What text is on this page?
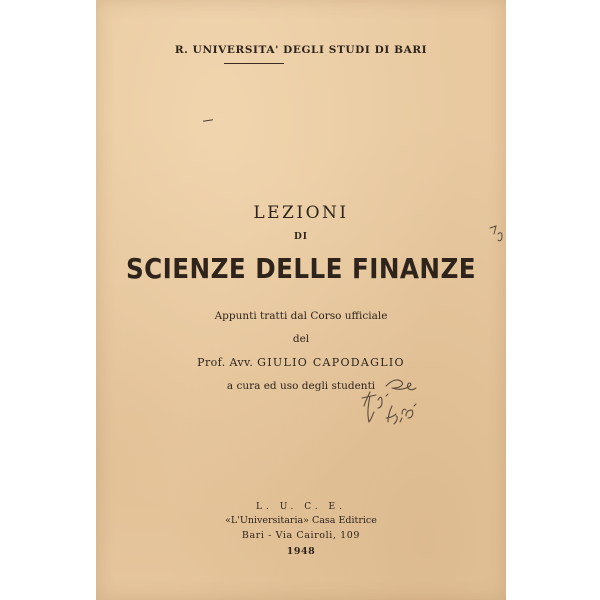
R. UNIVERSITA' DEGLI STUDI DI BARI
LEZIONI
DI
SCIENZE DELLE FINANZE
Appunti tratti dal Corso ufficiale
del
Prof. Avv. GIULIO CAPODAGLIO
a cura ed uso degli studenti
L. U. C. E.
«L'Universitaria» Casa Editrice
Bari - Via Cairoli, 109
1948
